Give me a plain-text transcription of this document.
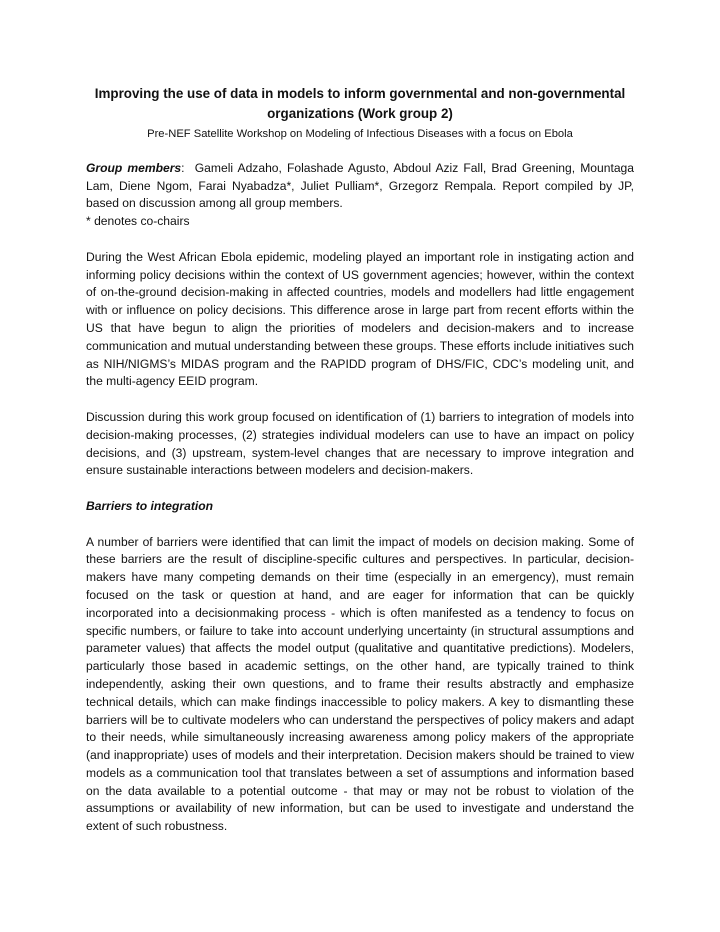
Improving the use of data in models to inform governmental and non-governmental organizations (Work group 2)

Pre-NEF Satellite Workshop on Modeling of Infectious Diseases with a focus on Ebola

Group members:  Gameli Adzaho, Folashade Agusto, Abdoul Aziz Fall, Brad Greening, Mountaga Lam, Diene Ngom, Farai Nyabadza*, Juliet Pulliam*, Grzegorz Rempala. Report compiled by JP, based on discussion among all group members.

* denotes co-chairs

During the West African Ebola epidemic, modeling played an important role in instigating action and informing policy decisions within the context of US government agencies; however, within the context of on-the-ground decision-making in affected countries, models and modellers had little engagement with or influence on policy decisions. This difference arose in large part from recent efforts within the US that have begun to align the priorities of modelers and decision-makers and to increase communication and mutual understanding between these groups. These efforts include initiatives such as NIH/NIGMS’s MIDAS program and the RAPIDD program of DHS/FIC, CDC’s modeling unit, and the multi-agency EEID program.

Discussion during this work group focused on identification of (1) barriers to integration of models into decision-making processes, (2) strategies individual modelers can use to have an impact on policy decisions, and (3) upstream, system-level changes that are necessary to improve integration and ensure sustainable interactions between modelers and decision-makers.

Barriers to integration

A number of barriers were identified that can limit the impact of models on decision making. Some of these barriers are the result of discipline-specific cultures and perspectives. In particular, decision-makers have many competing demands on their time (especially in an emergency), must remain focused on the task or question at hand, and are eager for information that can be quickly incorporated into a decisionmaking process - which is often manifested as a tendency to focus on specific numbers, or failure to take into account underlying uncertainty (in structural assumptions and parameter values) that affects the model output (qualitative and quantitative predictions). Modelers, particularly those based in academic settings, on the other hand, are typically trained to think independently, asking their own questions, and to frame their results abstractly and emphasize technical details, which can make findings inaccessible to policy makers. A key to dismantling these barriers will be to cultivate modelers who can understand the perspectives of policy makers and adapt to their needs, while simultaneously increasing awareness among policy makers of the appropriate (and inappropriate) uses of models and their interpretation. Decision makers should be trained to view models as a communication tool that translates between a set of assumptions and information based on the data available to a potential outcome - that may or may not be robust to violation of the assumptions or availability of new information, but can be used to investigate and understand the extent of such robustness.
